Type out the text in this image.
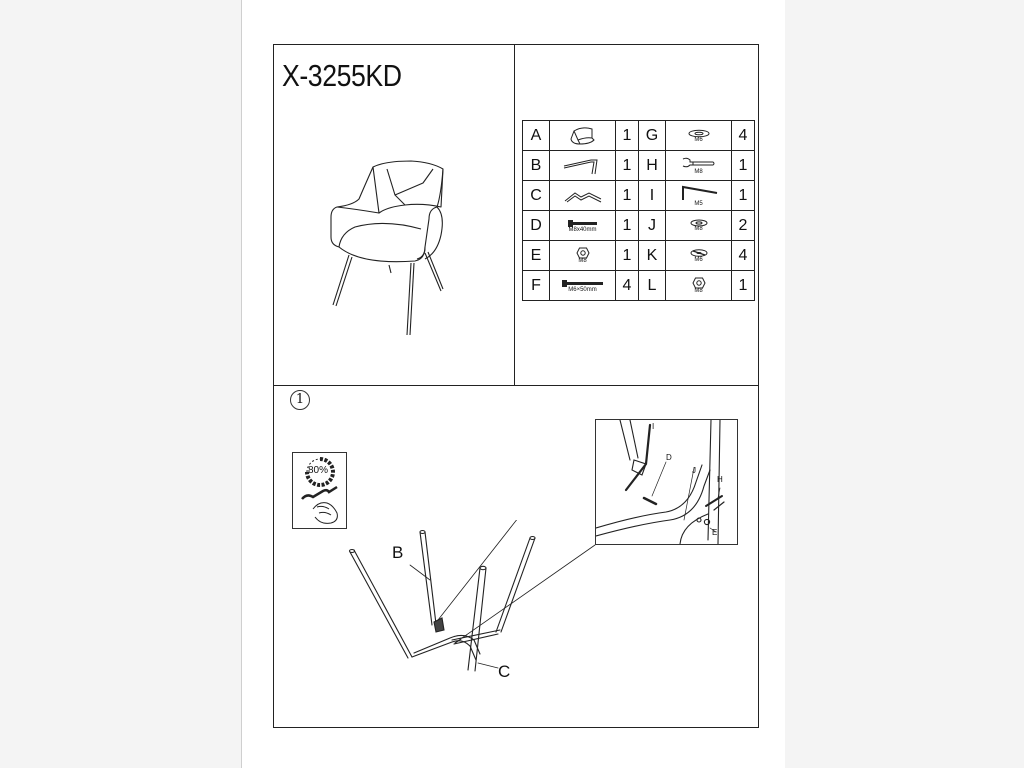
X-3255KD
A		1	G	M6	4
B		1	H	M8	1
C		1	I	M5	1
D	M8x40mm	1	J	M8	2
E	M8	1	K	M6	4
F	M6×50mm	4	L	M8	1
1
80%
B
C
I
D
J
H
E
